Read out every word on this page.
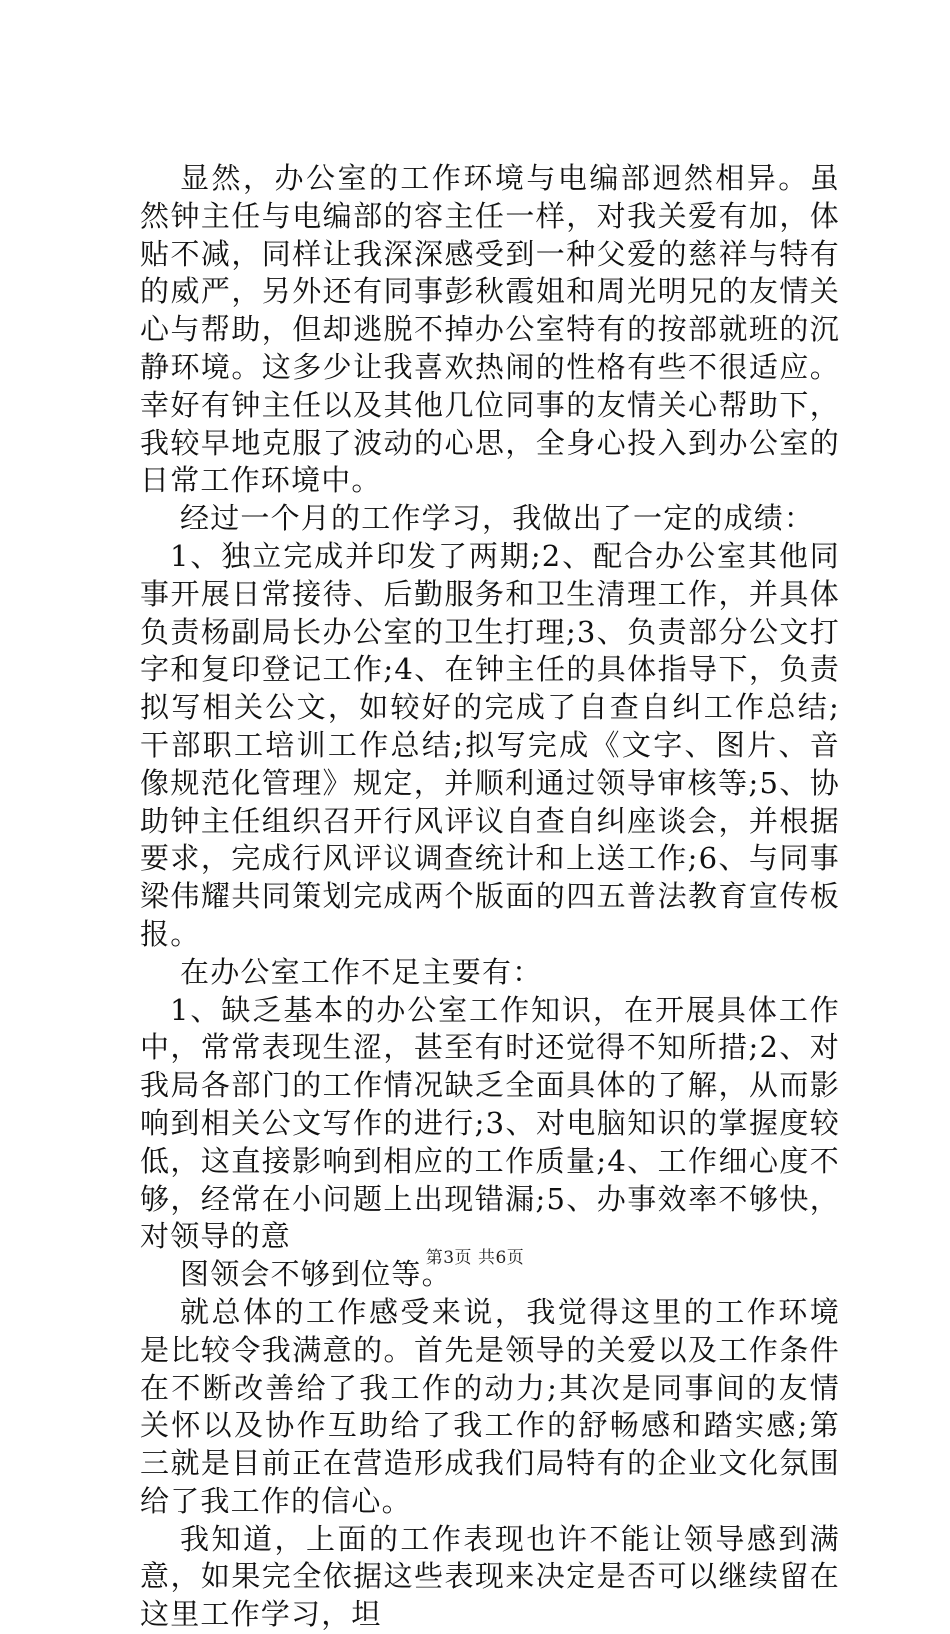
显然，办公室的工作环境与电编部迥然相异。虽然钟主任与电编部的容主任一样，对我关爱有加，体贴不减，同样让我深深感受到一种父爱的慈祥与特有的威严，另外还有同事彭秋霞姐和周光明兄的友情关心与帮助，但却逃脱不掉办公室特有的按部就班的沉静环境。这多少让我喜欢热闹的性格有些不很适应。幸好有钟主任以及其他几位同事的友情关心帮助下，我较早地克服了波动的心思，全身心投入到办公室的日常工作环境中。

经过一个月的工作学习，我做出了一定的成绩：

1、独立完成并印发了两期;2、配合办公室其他同事开展日常接待、后勤服务和卫生清理工作，并具体负责杨副局长办公室的卫生打理;3、负责部分公文打字和复印登记工作;4、在钟主任的具体指导下，负责拟写相关公文，如较好的完成了自查自纠工作总结;干部职工培训工作总结;拟写完成《文字、图片、音像规范化管理》规定，并顺利通过领导审核等;5、协助钟主任组织召开行风评议自查自纠座谈会，并根据要求，完成行风评议调查统计和上送工作;6、与同事梁伟耀共同策划完成两个版面的四五普法教育宣传板报。

在办公室工作不足主要有：

1、缺乏基本的办公室工作知识，在开展具体工作中，常常表现生涩，甚至有时还觉得不知所措;2、对我局各部门的工作情况缺乏全面具体的了解，从而影响到相关公文写作的进行;3、对电脑知识的掌握度较低，这直接影响到相应的工作质量;4、工作细心度不够，经常在小问题上出现错漏;5、办事效率不够快，对领导的意

图领会不够到位等。

就总体的工作感受来说，我觉得这里的工作环境是比较令我满意的。首先是领导的关爱以及工作条件在不断改善给了我工作的动力;其次是同事间的友情关怀以及协作互助给了我工作的舒畅感和踏实感;第三就是目前正在营造形成我们局特有的企业文化氛围给了我工作的信心。

我知道，上面的工作表现也许不能让领导感到满意，如果完全依据这些表现来决定是否可以继续留在这里工作学习，坦

第3页 共6页
